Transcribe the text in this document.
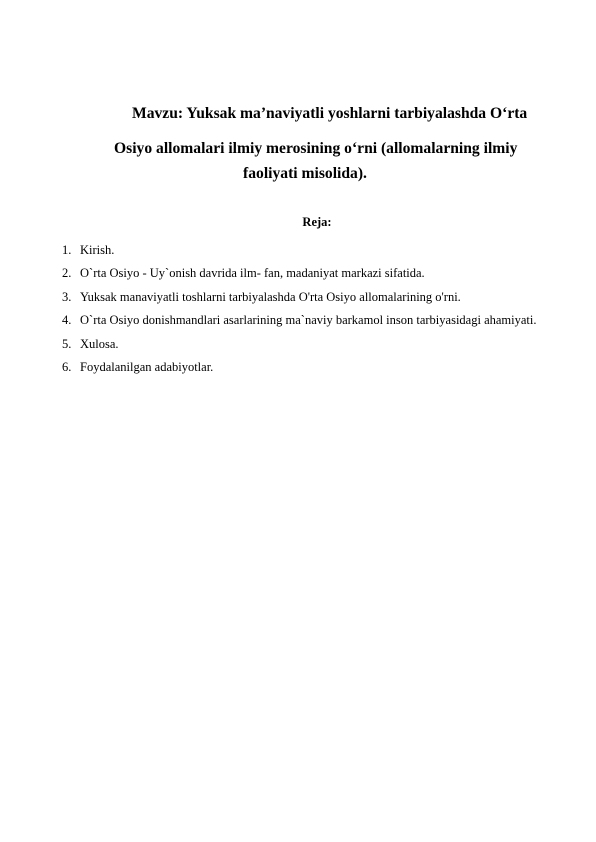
Mavzu: Yuksak ma’naviyatli yoshlarni tarbiyalashda O‘rta
Osiyo allomalari ilmiy merosining o‘rni (allomalarning ilmiy
faoliyati misolida).
Reja:
1. Kirish.
2. O`rta Osiyo - Uy`onish davrida ilm- fan, madaniyat markazi sifatida.
3. Yuksak manaviyatli toshlarni tarbiyalashda O'rta Osiyo allomalarining o'rni.
4. O`rta Osiyo donishmandlari asarlarining ma`naviy barkamol inson tarbiyasidagi ahamiyati.
5. Xulosa.
6. Foydalanilgan adabiyotlar.
